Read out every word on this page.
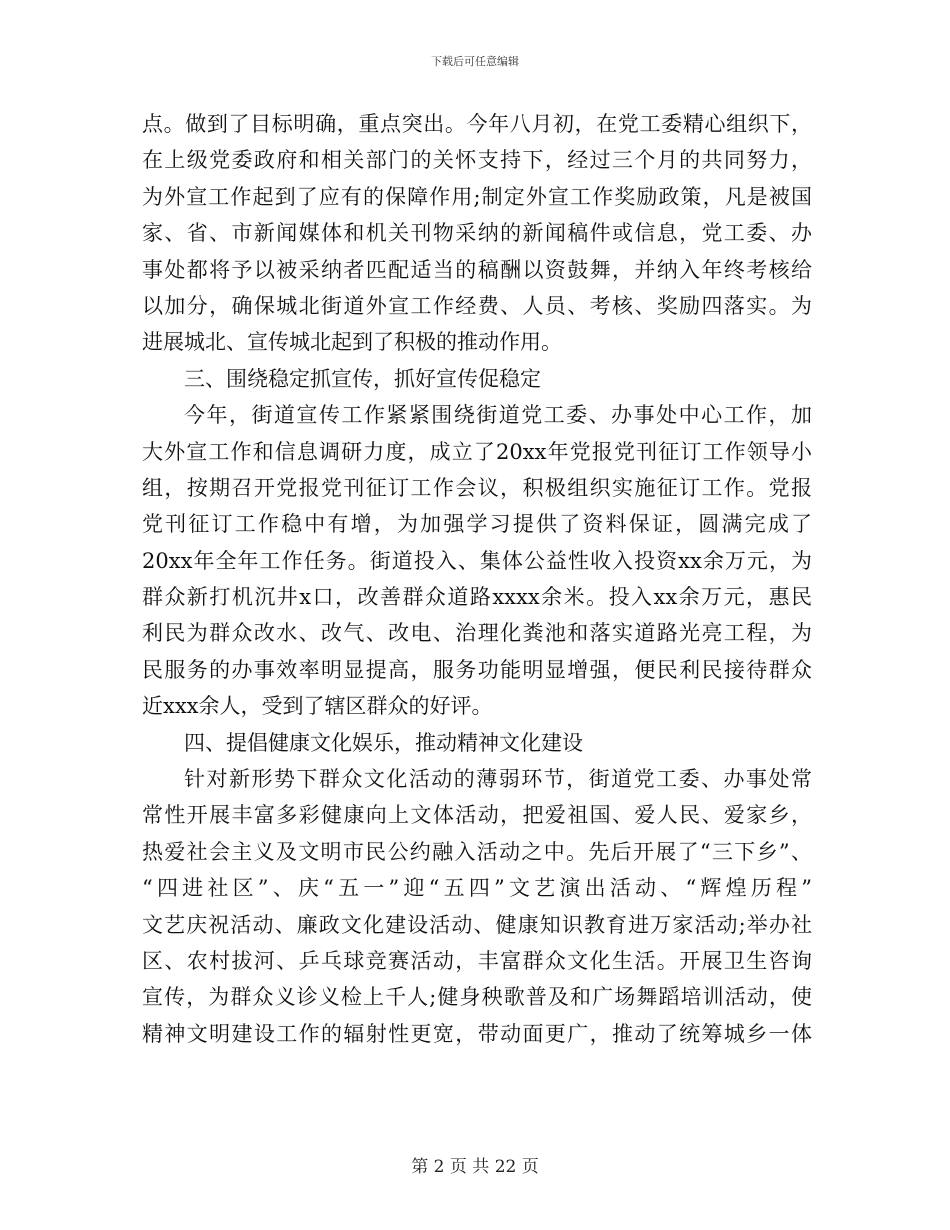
下载后可任意编辑
点。做到了目标明确，重点突出。今年八月初，在党工委精心组织下，
在上级党委政府和相关部门的关怀支持下，经过三个月的共同努力，
为外宣工作起到了应有的保障作用;制定外宣工作奖励政策，凡是被国
家、省、市新闻媒体和机关刊物采纳的新闻稿件或信息，党工委、办
事处都将予以被采纳者匹配适当的稿酬以资鼓舞，并纳入年终考核给
以加分，确保城北街道外宣工作经费、人员、考核、奖励四落实。为
进展城北、宣传城北起到了积极的推动作用。
三、围绕稳定抓宣传，抓好宣传促稳定
今年，街道宣传工作紧紧围绕街道党工委、办事处中心工作，加
大外宣工作和信息调研力度，成立了20xx年党报党刊征订工作领导小
组，按期召开党报党刊征订工作会议，积极组织实施征订工作。党报
党刊征订工作稳中有增，为加强学习提供了资料保证，圆满完成了
20xx年全年工作任务。街道投入、集体公益性收入投资xx余万元，为
群众新打机沉井x口，改善群众道路xxxx余米。投入xx余万元，惠民
利民为群众改水、改气、改电、治理化粪池和落实道路光亮工程，为
民服务的办事效率明显提高，服务功能明显增强，便民利民接待群众
近xxx余人，受到了辖区群众的好评。
四、提倡健康文化娱乐，推动精神文化建设
针对新形势下群众文化活动的薄弱环节，街道党工委、办事处常
常性开展丰富多彩健康向上文体活动，把爱祖国、爱人民、爱家乡，
热爱社会主义及文明市民公约融入活动之中。先后开展了“三下乡”、
“四进社区”、庆“五一”迎“五四”文艺演出活动、“辉煌历程”
文艺庆祝活动、廉政文化建设活动、健康知识教育进万家活动;举办社
区、农村拔河、乒乓球竞赛活动，丰富群众文化生活。开展卫生咨询
宣传，为群众义诊义检上千人;健身秧歌普及和广场舞蹈培训活动，使
精神文明建设工作的辐射性更宽，带动面更广，推动了统筹城乡一体
第 2 页 共 22 页
